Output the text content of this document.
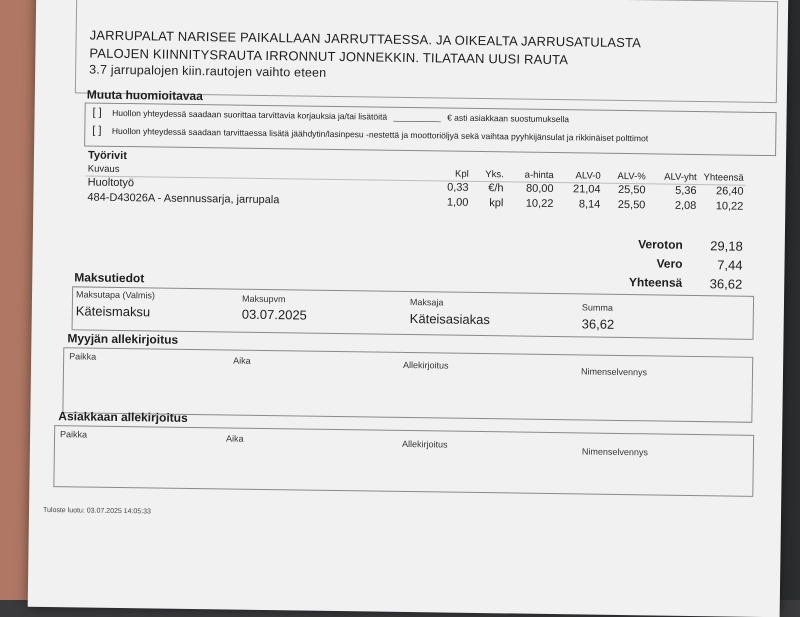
JARRUPALAT NARISEE PAIKALLAAN JARRUTTAESSA. JA OIKEALTA JARRUSATULASTA
PALOJEN KIINNITYSRAUTA IRRONNUT JONNEKKIN. TILATAAN UUSI RAUTA
3.7 jarrupalojen kiin.rautojen vaihto eteen
Muuta huomioitavaa
[ ] Huollon yhteydessä saadaan suorittaa tarvittavia korjauksia ja/tai lisätöitä __________ € asti asiakkaan suostumuksella
[ ] Huollon yhteydessä saadaan tarvittaessa lisätä jäähdytin/lasinpesu -nestettä ja moottoriöljyä sekä vaihtaa pyyhkijänsulat ja rikkinäiset polttimot
Työrivit
Kuvaus	Kpl	Yks.	a-hinta	ALV-0	ALV-%	ALV-yht Yhteensä
Huoltotyö	0,33	€/h	80,00	21,04	25,50	5,36	26,40
484-D43026A - Asennussarja, jarrupala	1,00	kpl	10,22	8,14	25,50	2,08	10,22
Veroton	29,18
Vero	7,44
Yhteensä	36,62
Maksutiedot
Maksutapa (Valmis)
Käteismaksu
Maksupvm
03.07.2025
Maksaja
Käteisasiakas
Summa
36,62
Myyjän allekirjoitus
Paikka	Aika	Allekirjoitus
Nimenselvennys
Asiakkaan allekirjoitus
Paikka	Aika
Allekirjoitus
Nimenselvennys
Tuloste luotu: 03.07.2025 14:05:33
